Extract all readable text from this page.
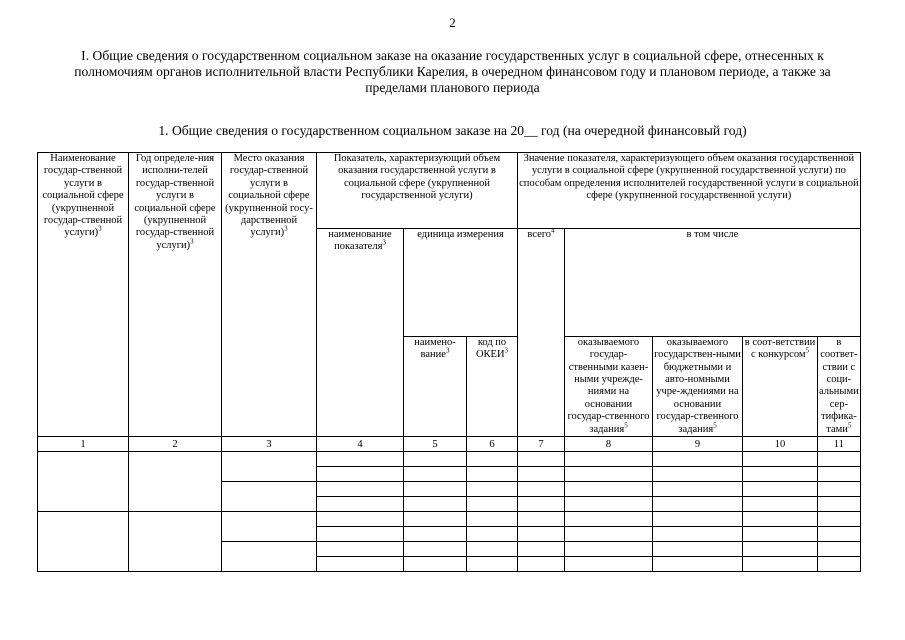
2
I. Общие сведения о государственном социальном заказе на оказание государственных услуг в социальной сфере, отнесенных к полномочиям органов исполнительной власти Республики Карелия, в очередном финансовом году и плановом периоде, а также за пределами планового периода
1. Общие сведения о государственном социальном заказе на 20__ год (на очередной финансовый год)
Наименование государ-ственной услуги в социальной сфере (укрупненной государ-ственной услуги)$^3$	Год определе-ния исполни-телей государ-ственной услуги в социальной сфере (укрупненной государ-ственной услуги)$^3$	Место оказания государ-ственной услуги в социальной сфере (укрупненной госу-дарственной услуги)$^3$	Показатель, характеризующий объем оказания государственной услуги в социальной сфере (укрупненной государственной услуги)			Значение показателя, характеризующего объем оказания государственной услуги в социальной сфере (укрупненной государственной услуги) по способам определения исполнителей государственной услуги в социальной сфере (укрупненной государственной услуги)				
			наименование показателя$^3$	единица измерения		всего$^4$	в том числе			
				наимено-вание$^3$	код по ОКЕИ$^3$		оказываемого государ-ственными казен-ными учрежде-ниями на основании государ-ственного задания$^5$	оказываемого государствен-ными бюджетными и авто-номными учре-ждениями на основании государ-ственного задания$^5$	в соот-ветствии с конкурсом$^5$	в соответ-ствии с соци-альными сер-тифика-тами$^5$
1	2	3	4	5	6	7	8	9	10	11
